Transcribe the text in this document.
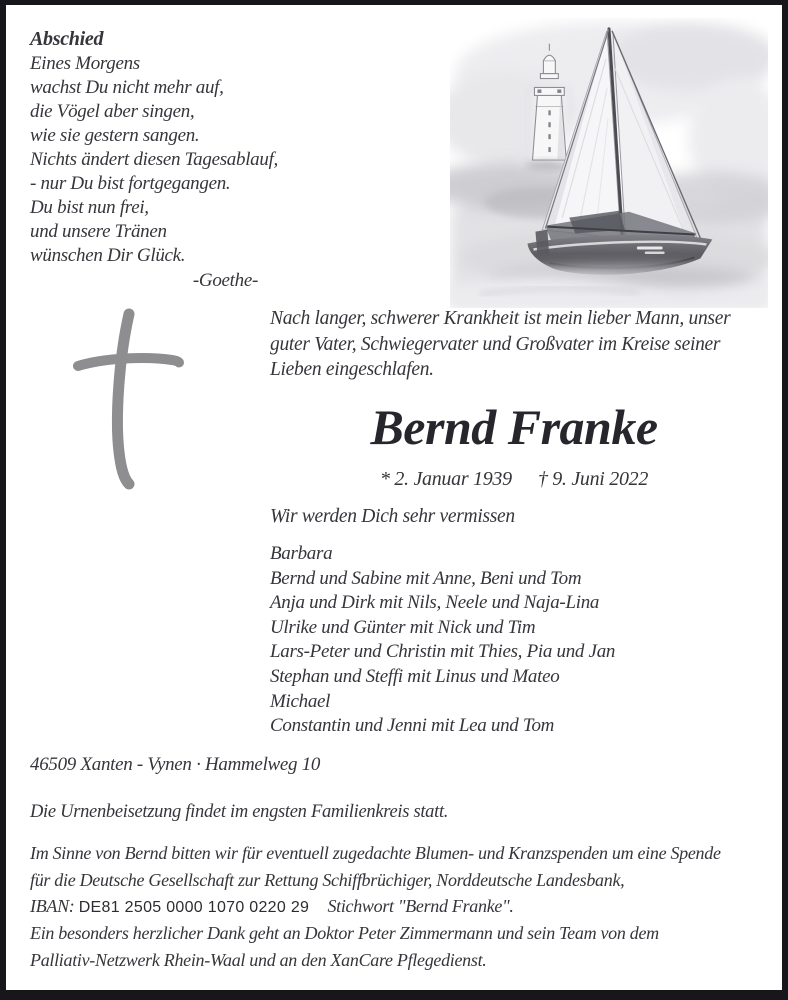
Abschied
Eines Morgens
wachst Du nicht mehr auf,
die Vögel aber singen,
wie sie gestern sangen.
Nichts ändert diesen Tagesablauf,
- nur Du bist fortgegangen.
Du bist nun frei,
und unsere Tränen
wünschen Dir Glück.
-Goethe-
Nach langer, schwerer Krankheit ist mein lieber Mann, unser
guter Vater, Schwiegervater und Großvater im Kreise seiner
Lieben eingeschlafen.
Bernd Franke
* 2. Januar 1939 † 9. Juni 2022
Wir werden Dich sehr vermissen
Barbara
Bernd und Sabine mit Anne, Beni und Tom
Anja und Dirk mit Nils, Neele und Naja-Lina
Ulrike und Günter mit Nick und Tim
Lars-Peter und Christin mit Thies, Pia und Jan
Stephan und Steffi mit Linus und Mateo
Michael
Constantin und Jenni mit Lea und Tom
46509 Xanten - Vynen · Hammelweg 10
Die Urnenbeisetzung findet im engsten Familienkreis statt.
Im Sinne von Bernd bitten wir für eventuell zugedachte Blumen- und Kranzspenden um eine Spende
für die Deutsche Gesellschaft zur Rettung Schiffbrüchiger, Norddeutsche Landesbank,
IBAN: DE81 2505 0000 1070 0220 29 Stichwort "Bernd Franke".
Ein besonders herzlicher Dank geht an Doktor Peter Zimmermann und sein Team von dem
Palliativ-Netzwerk Rhein-Waal und an den XanCare Pflegedienst.
